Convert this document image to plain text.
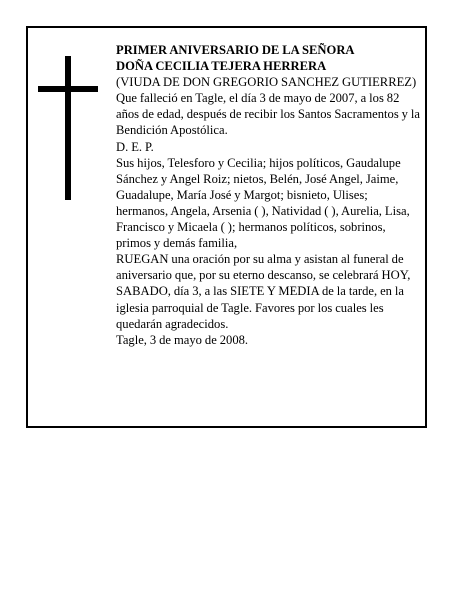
PRIMER ANIVERSARIO DE LA SEÑORA

DOÑA CECILIA TEJERA HERRERA

(VIUDA DE DON GREGORIO SANCHEZ GUTIERREZ)

Que falleció en Tagle, el día 3 de mayo de 2007, a los 82 años de edad, después de recibir los Santos Sacramentos y la Bendición Apostólica.

D. E. P.

Sus hijos, Telesforo y Cecilia; hijos políticos, Gaudalupe Sánchez y Angel Roiz; nietos, Belén, José Angel, Jaime, Guadalupe, María José y Margot; bisnieto, Ulises; hermanos, Angela, Arsenia ( ), Natividad ( ), Aurelia, Lisa, Francisco y Micaela ( ); hermanos políticos, sobrinos, primos y demás familia,

RUEGAN una oración por su alma y asistan al funeral de aniversario que, por su eterno descanso, se celebrará HOY, SABADO, día 3, a las SIETE Y MEDIA de la tarde, en la iglesia parroquial de Tagle. Favores por los cuales les quedarán agradecidos.

Tagle, 3 de mayo de 2008.
